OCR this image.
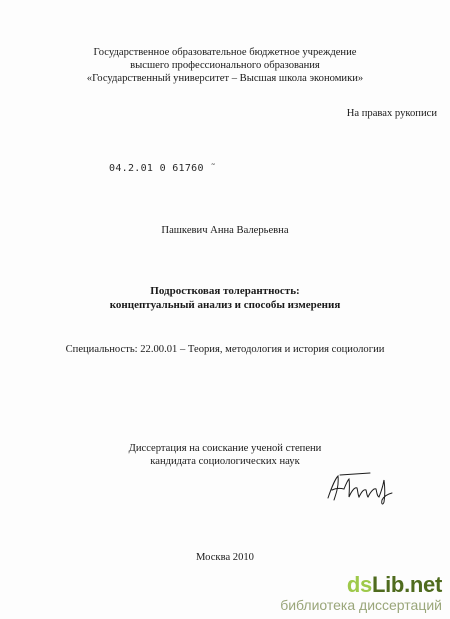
Государственное образовательное бюджетное учреждение
высшего профессионального образования
«Государственный университет – Высшая школа экономики»
На правах рукописи
04.2.01 0 61760 ˜
Пашкевич Анна Валерьевна
Подростковая толерантность:
концептуальный анализ и способы измерения
Специальность: 22.00.01 – Теория, методология и история социологии
Диссертация на соискание ученой степени
кандидата социологических наук
Москва 2010
dsLib.net
библиотека диссертаций
